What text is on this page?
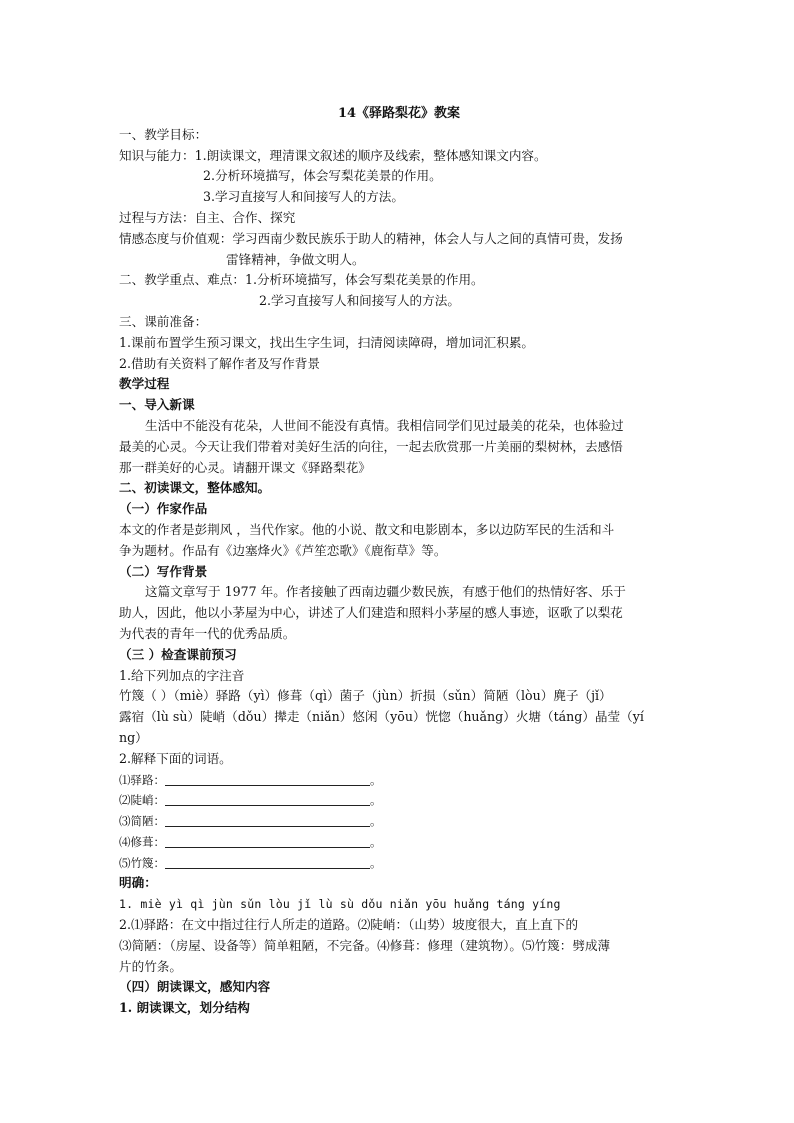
14《驿路梨花》教案
一、教学目标：
知识与能力：1.朗读课文，理清课文叙述的顺序及线索，整体感知课文内容。
2.分析环境描写，体会写梨花美景的作用。
3.学习直接写人和间接写人的方法。
过程与方法：自主、合作、探究
情感态度与价值观：学习西南少数民族乐于助人的精神，体会人与人之间的真情可贵，发扬
雷锋精神，争做文明人。
二、教学重点、难点：1.分析环境描写，体会写梨花美景的作用。
2.学习直接写人和间接写人的方法。
三、课前准备：
1.课前布置学生预习课文，找出生字生词，扫清阅读障碍，增加词汇积累。
2.借助有关资料了解作者及写作背景
教学过程
一、导入新课
生活中不能没有花朵，人世间不能没有真情。我相信同学们见过最美的花朵，也体验过
最美的心灵。今天让我们带着对美好生活的向往，一起去欣赏那一片美丽的梨树林，去感悟
那一群美好的心灵。请翻开课文《驿路梨花》
二、初读课文，整体感知。
（一）作家作品
本文的作者是彭荆风 ，当代作家。他的小说、散文和电影剧本，多以边防军民的生活和斗
争为题材。作品有《边塞烽火》《芦笙恋歌》《鹿衔草》等。
（二）写作背景
这篇文章写于 1977 年。作者接触了西南边疆少数民族，有感于他们的热情好客、乐于
助人，因此，他以小茅屋为中心，讲述了人们建造和照料小茅屋的感人事迹，讴歌了以梨花
为代表的青年一代的优秀品质。
（三 ）检查课前预习
1.给下列加点的字注音
竹篾（ ）（miè）驿路（yì）修葺（qì）菌子（jùn）折损（sǔn）简陋（lòu）麂子（jǐ）
露宿（lù sù）陡峭（dǒu）撵走（niǎn）悠闲（yōu）恍惚（huǎng）火塘（táng）晶莹（yí
ng）
2.解释下面的词语。
⑴驿路：	。
⑵陡峭：	。
⑶简陋：	。
⑷修葺：	。
⑸竹篾：	。
明确：
1. miè yì qì jùn sǔn lòu jǐ lù sù dǒu niǎn yōu huǎng táng yíng
2.⑴驿路：在文中指过往行人所走的道路。⑵陡峭：（山势）坡度很大，直上直下的
⑶简陋：（房屋、设备等）简单粗陋，不完备。⑷修葺：修理（建筑物）。⑸竹篾：劈成薄
片的竹条。
（四）朗读课文，感知内容
1. 朗读课文，划分结构
